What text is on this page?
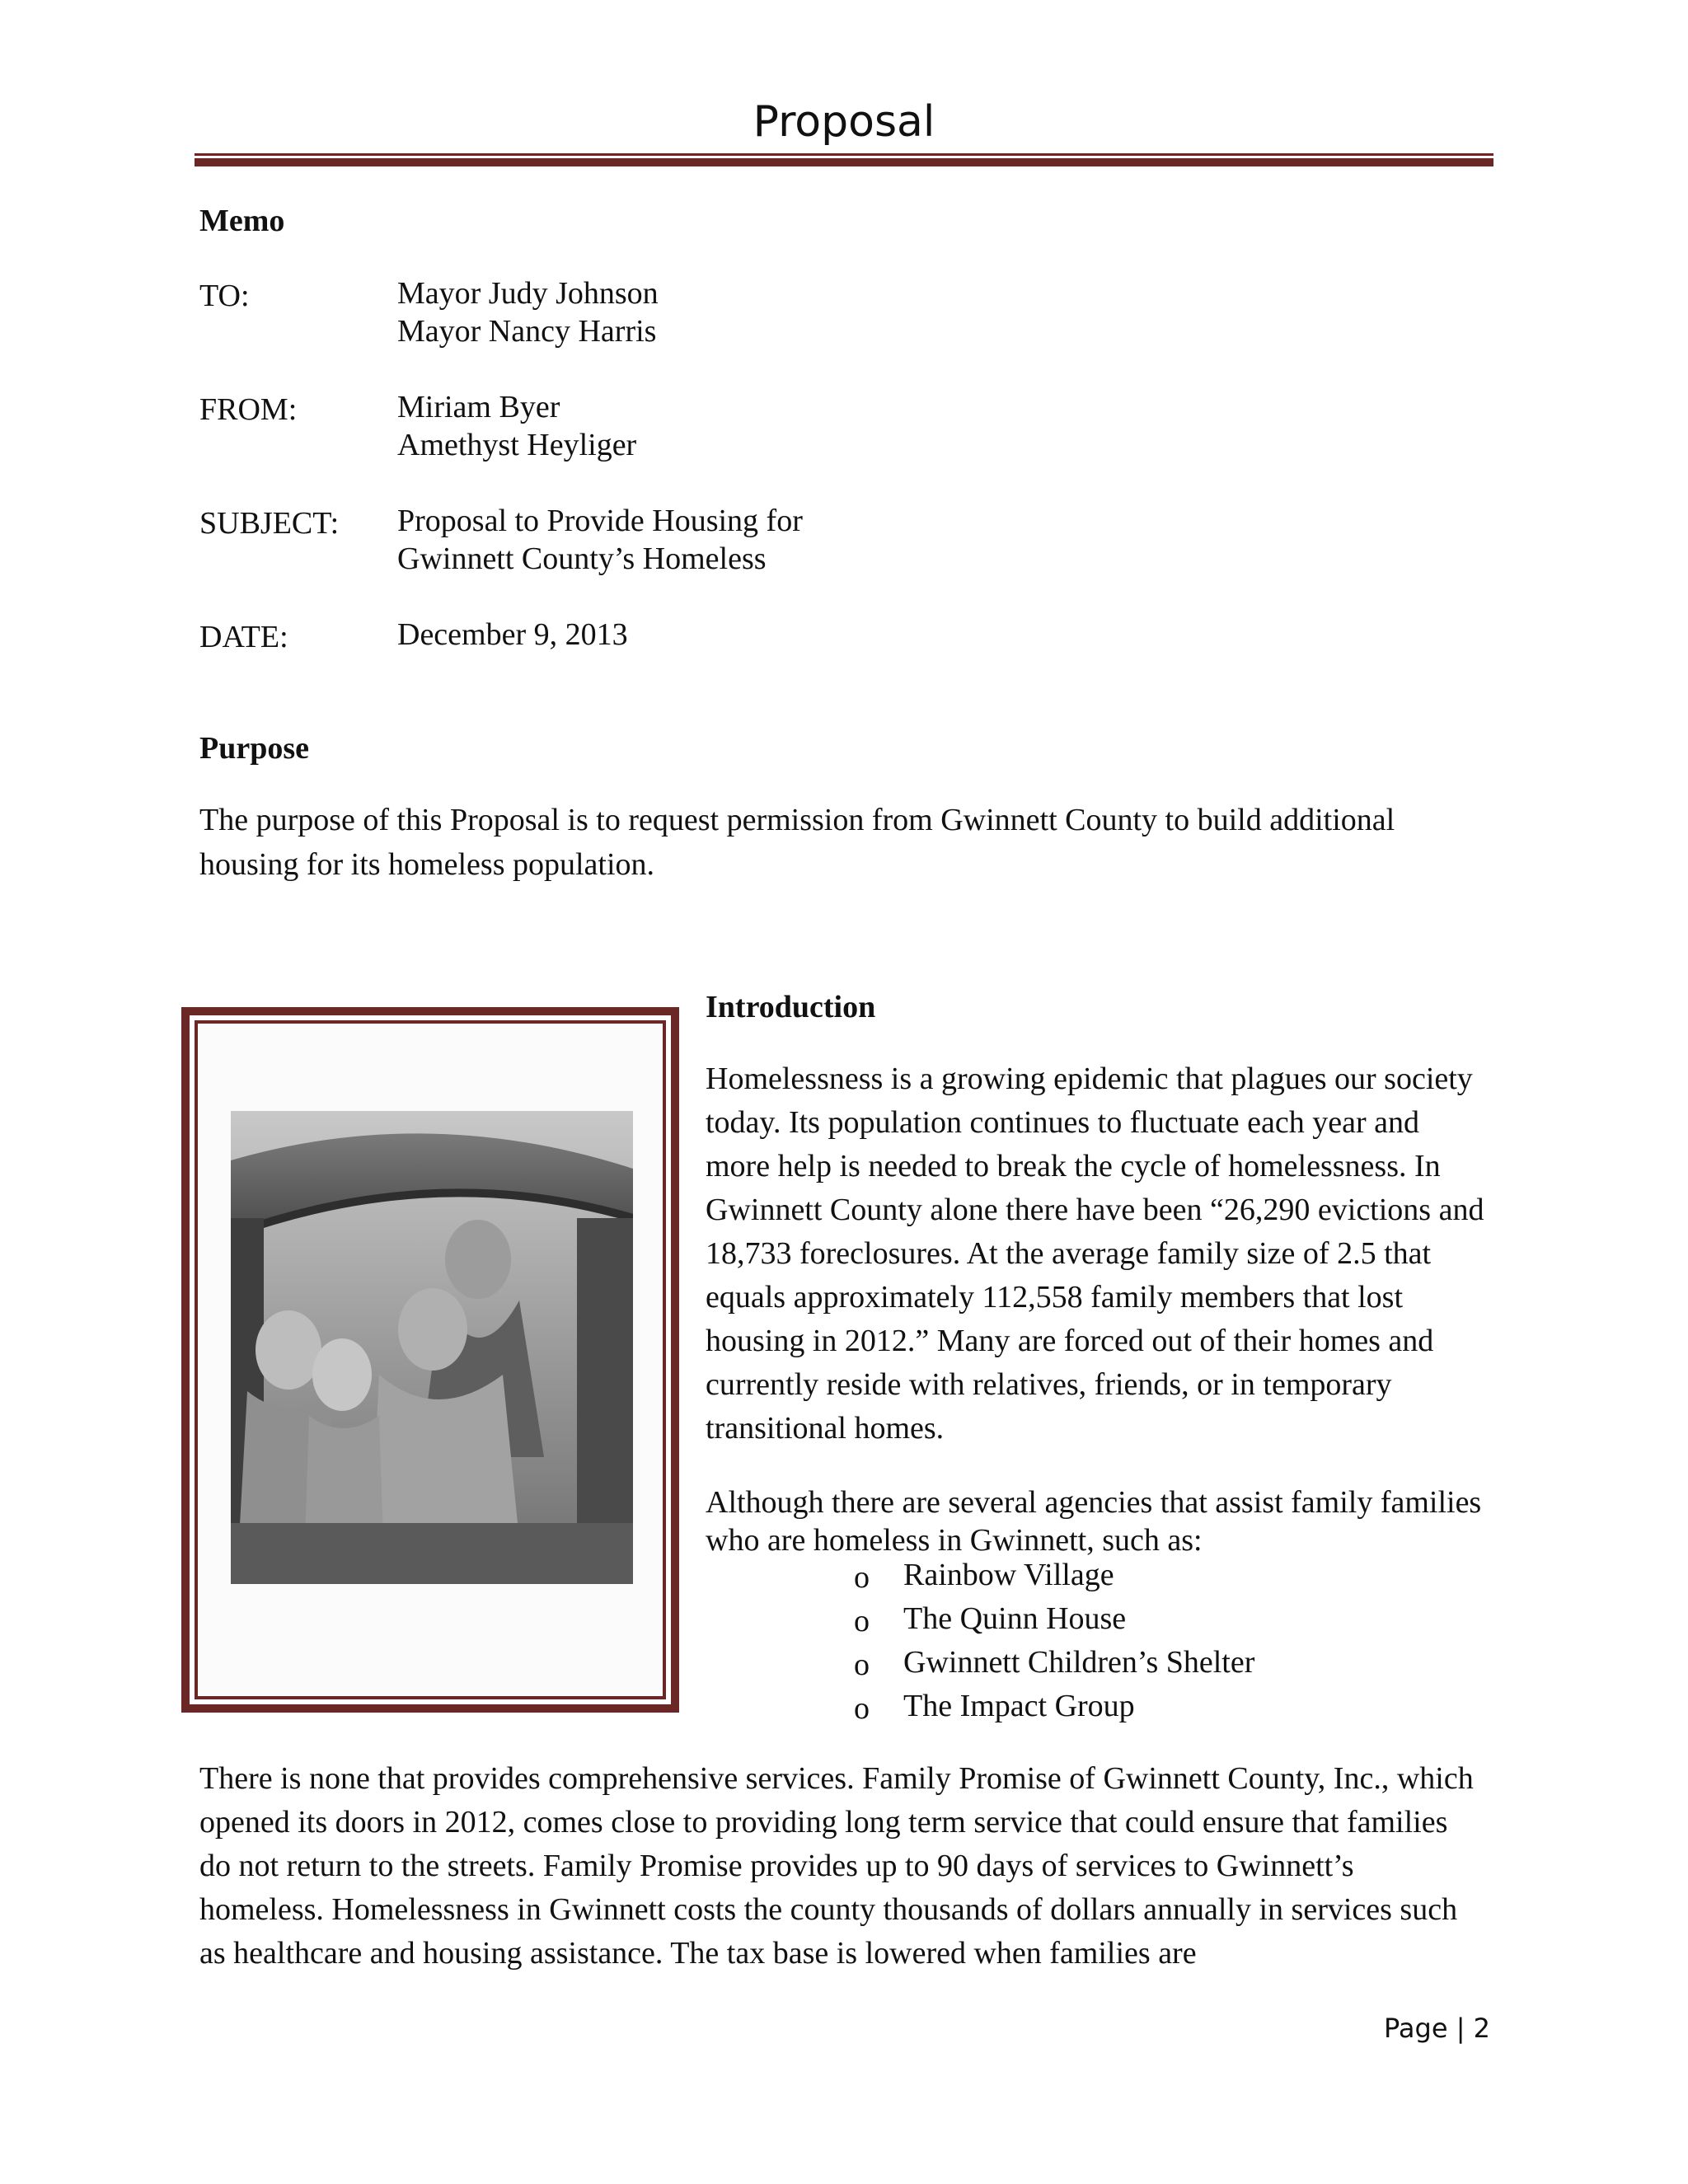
Proposal
Memo
TO:	Mayor Judy Johnson
Mayor Nancy Harris
FROM:	Miriam Byer
Amethyst Heyliger
SUBJECT: Proposal to Provide Housing for
Gwinnett County’s Homeless
DATE:	December 9, 2013
Purpose
The purpose of this Proposal is to request permission from Gwinnett County to build additional housing for its homeless population.
Introduction
Homelessness is a growing epidemic that plagues our society today. Its population continues to fluctuate each year and more help is needed to break the cycle of homelessness. In Gwinnett County alone there have been “26,290 evictions and 18,733 foreclosures. At the average family size of 2.5 that equals approximately 112,558 family members that lost housing in 2012.” Many are forced out of their homes and currently reside with relatives, friends, or in temporary transitional homes.
Although there are several agencies that assist family families who are homeless in Gwinnett, such as:
o Rainbow Village
o The Quinn House
o Gwinnett Children’s Shelter
o The Impact Group
There is none that provides comprehensive services. Family Promise of Gwinnett County, Inc., which opened its doors in 2012, comes close to providing long term service that could ensure that families do not return to the streets. Family Promise provides up to 90 days of services to Gwinnett’s homeless. Homelessness in Gwinnett costs the county thousands of dollars annually in services such as healthcare and housing assistance. The tax base is lowered when families are
Page | 2
